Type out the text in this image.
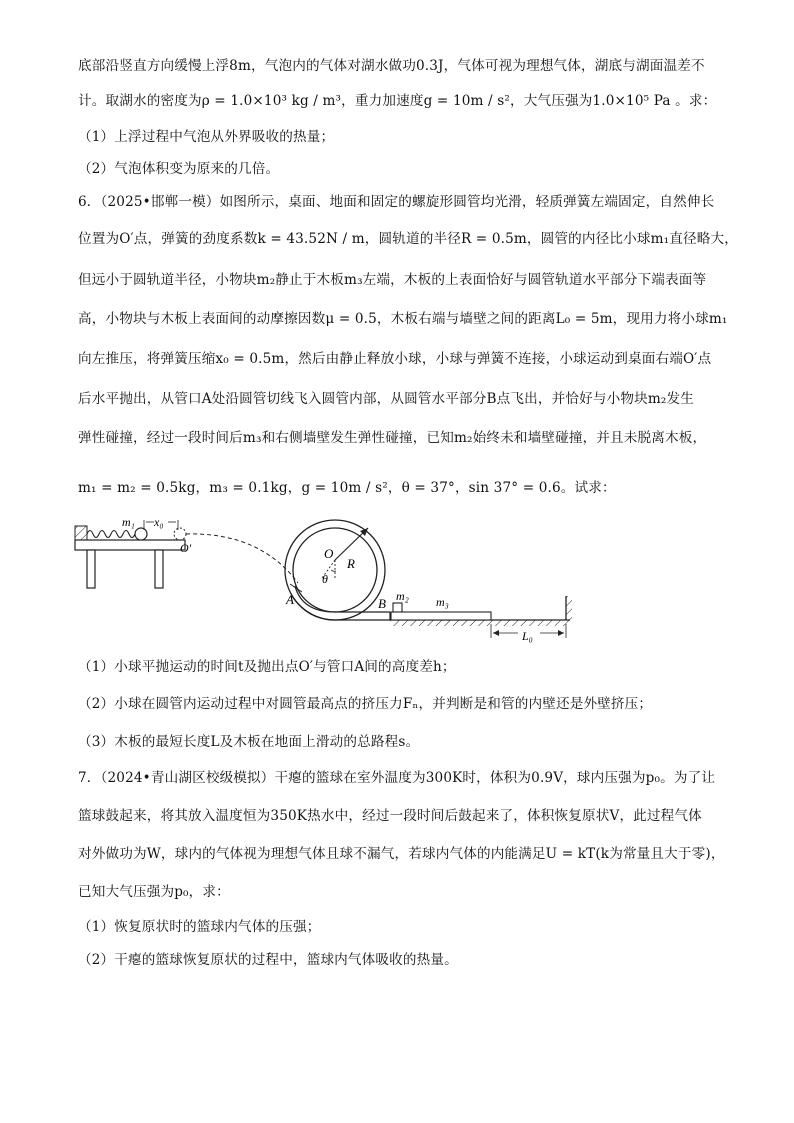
底部沿竖直方向缓慢上浮8m，气泡内的气体对湖水做功0.3J，气体可视为理想气体，湖底与湖面温差不
计。取湖水的密度为ρ = 1.0×10³ kg / m³，重力加速度g = 10m / s²，大气压强为1.0×10⁵ Pa 。求：
（1）上浮过程中气泡从外界吸收的热量；
（2）气泡体积变为原来的几倍。
6．（2025•邯郸一模）如图所示，桌面、地面和固定的螺旋形圆管均光滑，轻质弹簧左端固定，自然伸长
位置为O′点，弹簧的劲度系数k = 43.52N / m，圆轨道的半径R = 0.5m，圆管的内径比小球m₁直径略大，
但远小于圆轨道半径，小物块m₂静止于木板m₃左端，木板的上表面恰好与圆管轨道水平部分下端表面等
高，小物块与木板上表面间的动摩擦因数μ = 0.5，木板右端与墙壁之间的距离L₀ = 5m，现用力将小球m₁
向左推压，将弹簧压缩x₀ = 0.5m，然后由静止释放小球，小球与弹簧不连接，小球运动到桌面右端O′点
后水平抛出，从管口A处沿圆管切线飞入圆管内部，从圆管水平部分B点飞出，并恰好与小物块m₂发生
弹性碰撞，经过一段时间后m₃和右侧墙壁发生弹性碰撞，已知m₂始终未和墙壁碰撞，并且未脱离木板，
m₁ = m₂ = 0.5kg，m₃ = 0.1kg，g = 10m / s²，θ = 37°，sin 37° = 0.6。试求：
m₁ x₀
O′	O
θ
R
A	B m₂ m₃
L₀
（1）小球平抛运动的时间t及抛出点O′与管口A间的高度差h；
（2）小球在圆管内运动过程中对圆管最高点的挤压力Fₙ，并判断是和管的内壁还是外壁挤压；
（3）木板的最短长度L及木板在地面上滑动的总路程s。
7．（2024•青山湖区校级模拟）干瘪的篮球在室外温度为300K时，体积为0.9V，球内压强为p₀。为了让
篮球鼓起来，将其放入温度恒为350K热水中，经过一段时间后鼓起来了，体积恢复原状V，此过程气体
对外做功为W，球内的气体视为理想气体且球不漏气，若球内气体的内能满足U = kT(k为常量且大于零)，
已知大气压强为p₀，求：
（1）恢复原状时的篮球内气体的压强；
（2）干瘪的篮球恢复原状的过程中，篮球内气体吸收的热量。
